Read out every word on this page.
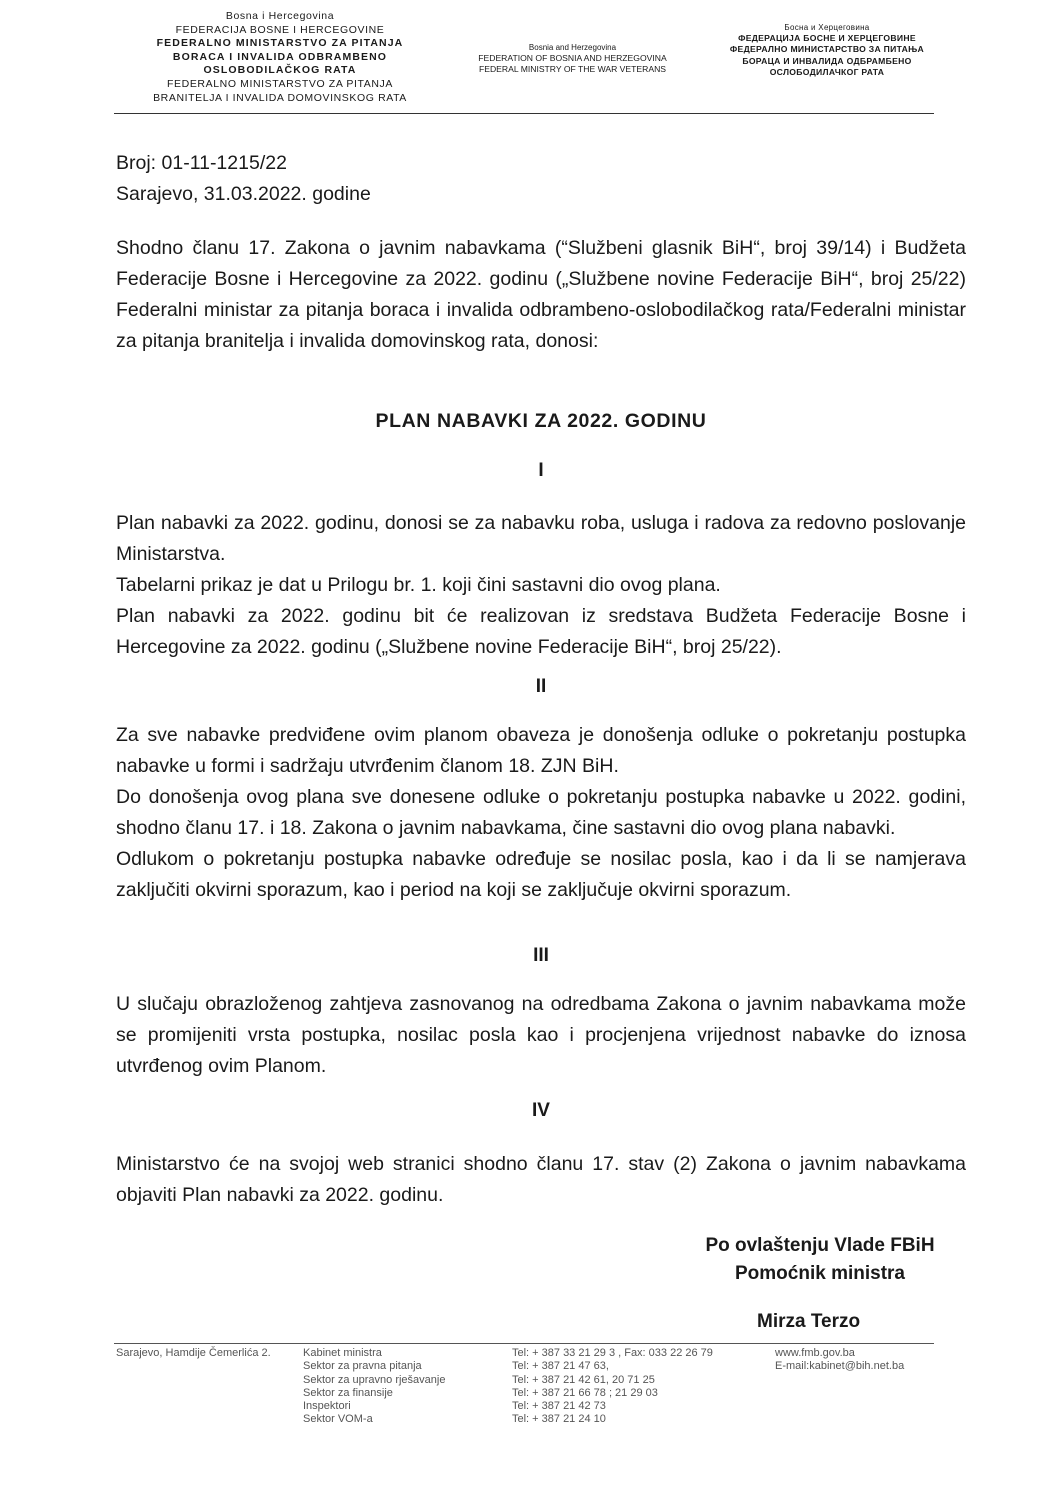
Bosna i Hercegovina
FEDERACIJA BOSNE I HERCEGOVINE
FEDERALNO MINISTARSTVO ZA PITANJA
BORACA I INVALIDA ODBRAMBENO
OSLOBODILAČKOG RATA
FEDERALNO MINISTARSTVO ZA PITANJA
BRANITELJA I INVALIDA DOMOVINSKOG RATA
Bosnia and Herzegovina
FEDERATION OF BOSNIA AND HERZEGOVINA
FEDERAL MINISTRY OF THE WAR VETERANS
Босна и Херцеговина
ФЕДЕРАЦИЈА БОСНЕ И ХЕРЦЕГОВИНЕ
ФЕДЕРАЛНО МИНИСТАРСТВО ЗА ПИТАЊА
БОРАЦА И ИНВАЛИДА ОДБРАМБЕНО
ОСЛОБОДИЛАЧКОГ РАТА
Broj: 01-11-1215/22
Sarajevo, 31.03.2022. godine

Shodno članu 17. Zakona o javnim nabavkama (“Službeni glasnik BiH“, broj 39/14) i Budžeta Federacije Bosne i Hercegovine za 2022. godinu („Službene novine Federacije BiH“, broj 25/22) Federalni ministar za pitanja boraca i invalida odbrambeno-oslobodilačkog rata/Federalni ministar za pitanja branitelja i invalida domovinskog rata, donosi:

PLAN NABAVKI ZA 2022. GODINU
I

Plan nabavki za 2022. godinu, donosi se za nabavku roba, usluga i radova za redovno poslovanje Ministarstva.

Tabelarni prikaz je dat u Prilogu br. 1. koji čini sastavni dio ovog plana.

Plan nabavki za 2022. godinu bit će realizovan iz sredstava Budžeta Federacije Bosne i Hercegovine za 2022. godinu („Službene novine Federacije BiH“, broj 25/22).

II

Za sve nabavke predviđene ovim planom obaveza je donošenja odluke o pokretanju postupka nabavke u formi i sadržaju utvrđenim članom 18. ZJN BiH.

Do donošenja ovog plana sve donesene odluke o pokretanju postupka nabavke u 2022. godini, shodno članu 17. i 18. Zakona o javnim nabavkama, čine sastavni dio ovog plana nabavki.

Odlukom o pokretanju postupka nabavke određuje se nosilac posla, kao i da li se namjerava zaključiti okvirni sporazum, kao i period na koji se zaključuje okvirni sporazum.

III

U slučaju obrazloženog zahtjeva zasnovanog na odredbama Zakona o javnim nabavkama može se promijeniti vrsta postupka, nosilac posla kao i procjenjena vrijednost nabavke do iznosa utvrđenog ovim Planom.

IV

Ministarstvo će na svojoj web stranici shodno članu 17. stav (2) Zakona o javnim nabavkama objaviti Plan nabavki za 2022. godinu.

Po ovlaštenju Vlade FBiH
Pomoćnik ministra
Mirza Terzo
Sarajevo, Hamdije Čemerlića 2.	Kabinet ministra
Sektor za pravna pitanja
Sektor za upravno rješavanje
Sektor za finansije
Inspektori
Sektor VOM-a
Tel: + 387 33 21 29 3 , Fax: 033 22 26 79
Tel: + 387 21 47 63,
Tel: + 387 21 42 61, 20 71 25
Tel: + 387 21 66 78 ; 21 29 03
Tel: + 387 21 42 73
Tel: + 387 21 24 10
www.fmb.gov.ba
E-mail:kabinet@bih.net.ba
